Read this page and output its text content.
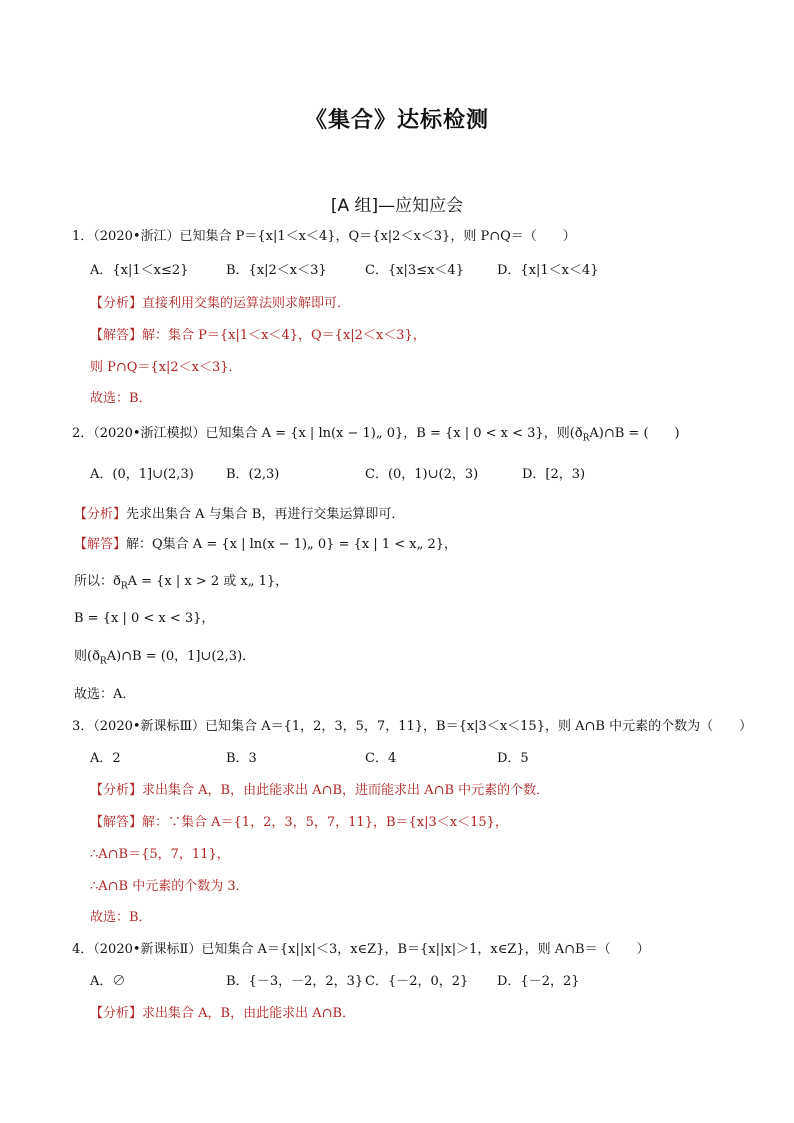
《集合》达标检测
[A 组]—应知应会
1．（2020•浙江）已知集合 P＝{x|1＜x＜4}，Q＝{x|2＜x＜3}，则 P∩Q＝（　　）
A．{x|1＜x≤2}	B．{x|2＜x＜3}	C．{x|3≤x＜4}	D．{x|1＜x＜4}
【分析】直接利用交集的运算法则求解即可．
【解答】解：集合 P＝{x|1＜x＜4}，Q＝{x|2＜x＜3}，
则 P∩Q＝{x|2＜x＜3}．
故选：B．
2．（2020•浙江模拟）已知集合 A = {x | ln(x − 1)„ 0}，B = {x | 0 < x < 3}，则$(ð_RA)\cap B$ = (　　)
A．(0，1]∪(2,3) B．(2,3)	C．(0，1)∪(2，3)	D．[2，3)
【分析】先求出集合 A 与集合 B，再进行交集运算即可．
【解答】解：Q集合 A = {x | ln(x − 1)„ 0} = {x | 1 < x„ 2}，
所以：$ð_RA = \{x$ | x > 2 或 x„ 1}，
B = {x | 0 < x < 3}，
则$(ð_RA)\cap B = (0$，1]∪(2,3)．
故选：A．
3．（2020•新课标Ⅲ）已知集合 A＝{1，2，3，5，7，11}，B＝{x|3＜x＜15}，则 A∩B 中元素的个数为（　　）
A．2	B．3	C．4	D．5
【分析】求出集合 A，B，由此能求出 A∩B，进而能求出 A∩B 中元素的个数．
【解答】解：∵集合 A＝{1，2，3，5，7，11}，B＝{x|3＜x＜15}，
∴A∩B＝{5，7，11}，
∴A∩B 中元素的个数为 3．
故选：B．
4．（2020•新课标Ⅱ）已知集合 A＝{x||x|＜3，x∈Z}，B＝{x||x|＞1，x∈Z}，则 A∩B＝（　　）
A．∅	B．{－3，－2，2，3} C．{－2，0，2} D．{－2，2}
【分析】求出集合 A，B，由此能求出 A∩B．
